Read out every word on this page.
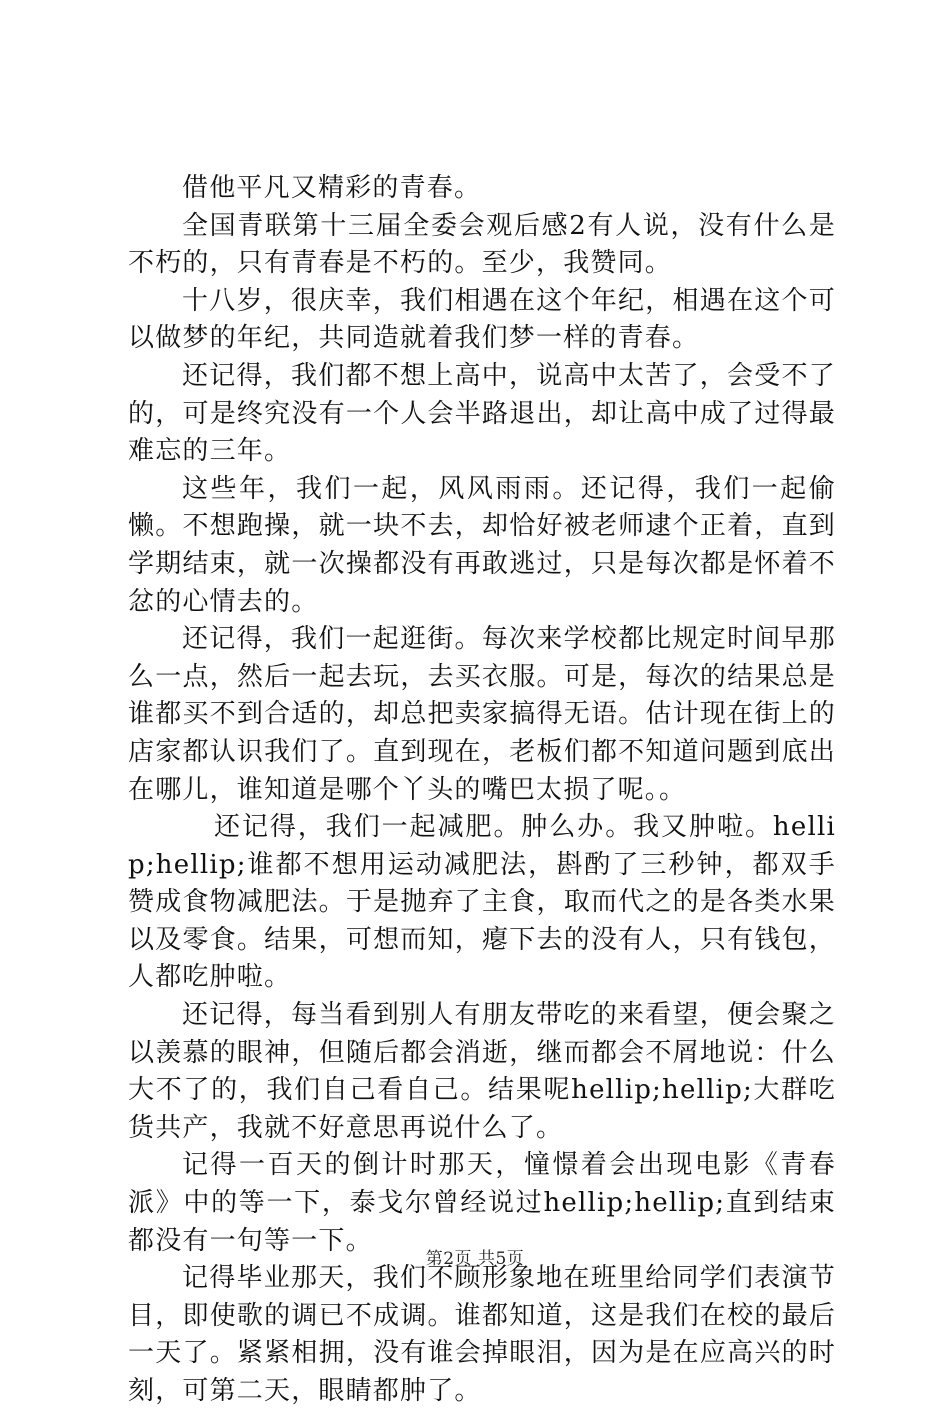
借他平凡又精彩的青春。

全国青联第十三届全委会观后感2有人说，没有什么是不朽的，只有青春是不朽的。至少，我赞同。

十八岁，很庆幸，我们相遇在这个年纪，相遇在这个可以做梦的年纪，共同造就着我们梦一样的青春。

还记得，我们都不想上高中，说高中太苦了，会受不了的，可是终究没有一个人会半路退出，却让高中成了过得最难忘的三年。

这些年，我们一起，风风雨雨。还记得，我们一起偷懒。不想跑操，就一块不去，却恰好被老师逮个正着，直到学期结束，就一次操都没有再敢逃过，只是每次都是怀着不忿的心情去的。

还记得，我们一起逛街。每次来学校都比规定时间早那么一点，然后一起去玩，去买衣服。可是，每次的结果总是谁都买不到合适的，却总把卖家搞得无语。估计现在街上的店家都认识我们了。直到现在，老板们都不知道问题到底出在哪儿，谁知道是哪个丫头的嘴巴太损了呢。。

还记得，我们一起减肥。肿么办。我又肿啦。hellip;hellip;谁都不想用运动减肥法，斟酌了三秒钟，都双手赞成食物减肥法。于是抛弃了主食，取而代之的是各类水果以及零食。结果，可想而知，瘪下去的没有人，只有钱包，人都吃肿啦。

还记得，每当看到别人有朋友带吃的来看望，便会聚之以羡慕的眼神，但随后都会消逝，继而都会不屑地说：什么大不了的，我们自己看自己。结果呢hellip;hellip;大群吃货共产，我就不好意思再说什么了。

记得一百天的倒计时那天，憧憬着会出现电影《青春派》中的等一下，泰戈尔曾经说过hellip;hellip;直到结束都没有一句等一下。

记得毕业那天，我们不顾形象地在班里给同学们表演节目，即使歌的调已不成调。谁都知道，这是我们在校的最后一天了。紧紧相拥，没有谁会掉眼泪，因为是在应高兴的时刻，可第二天，眼睛都肿了。

第2页 共5页
